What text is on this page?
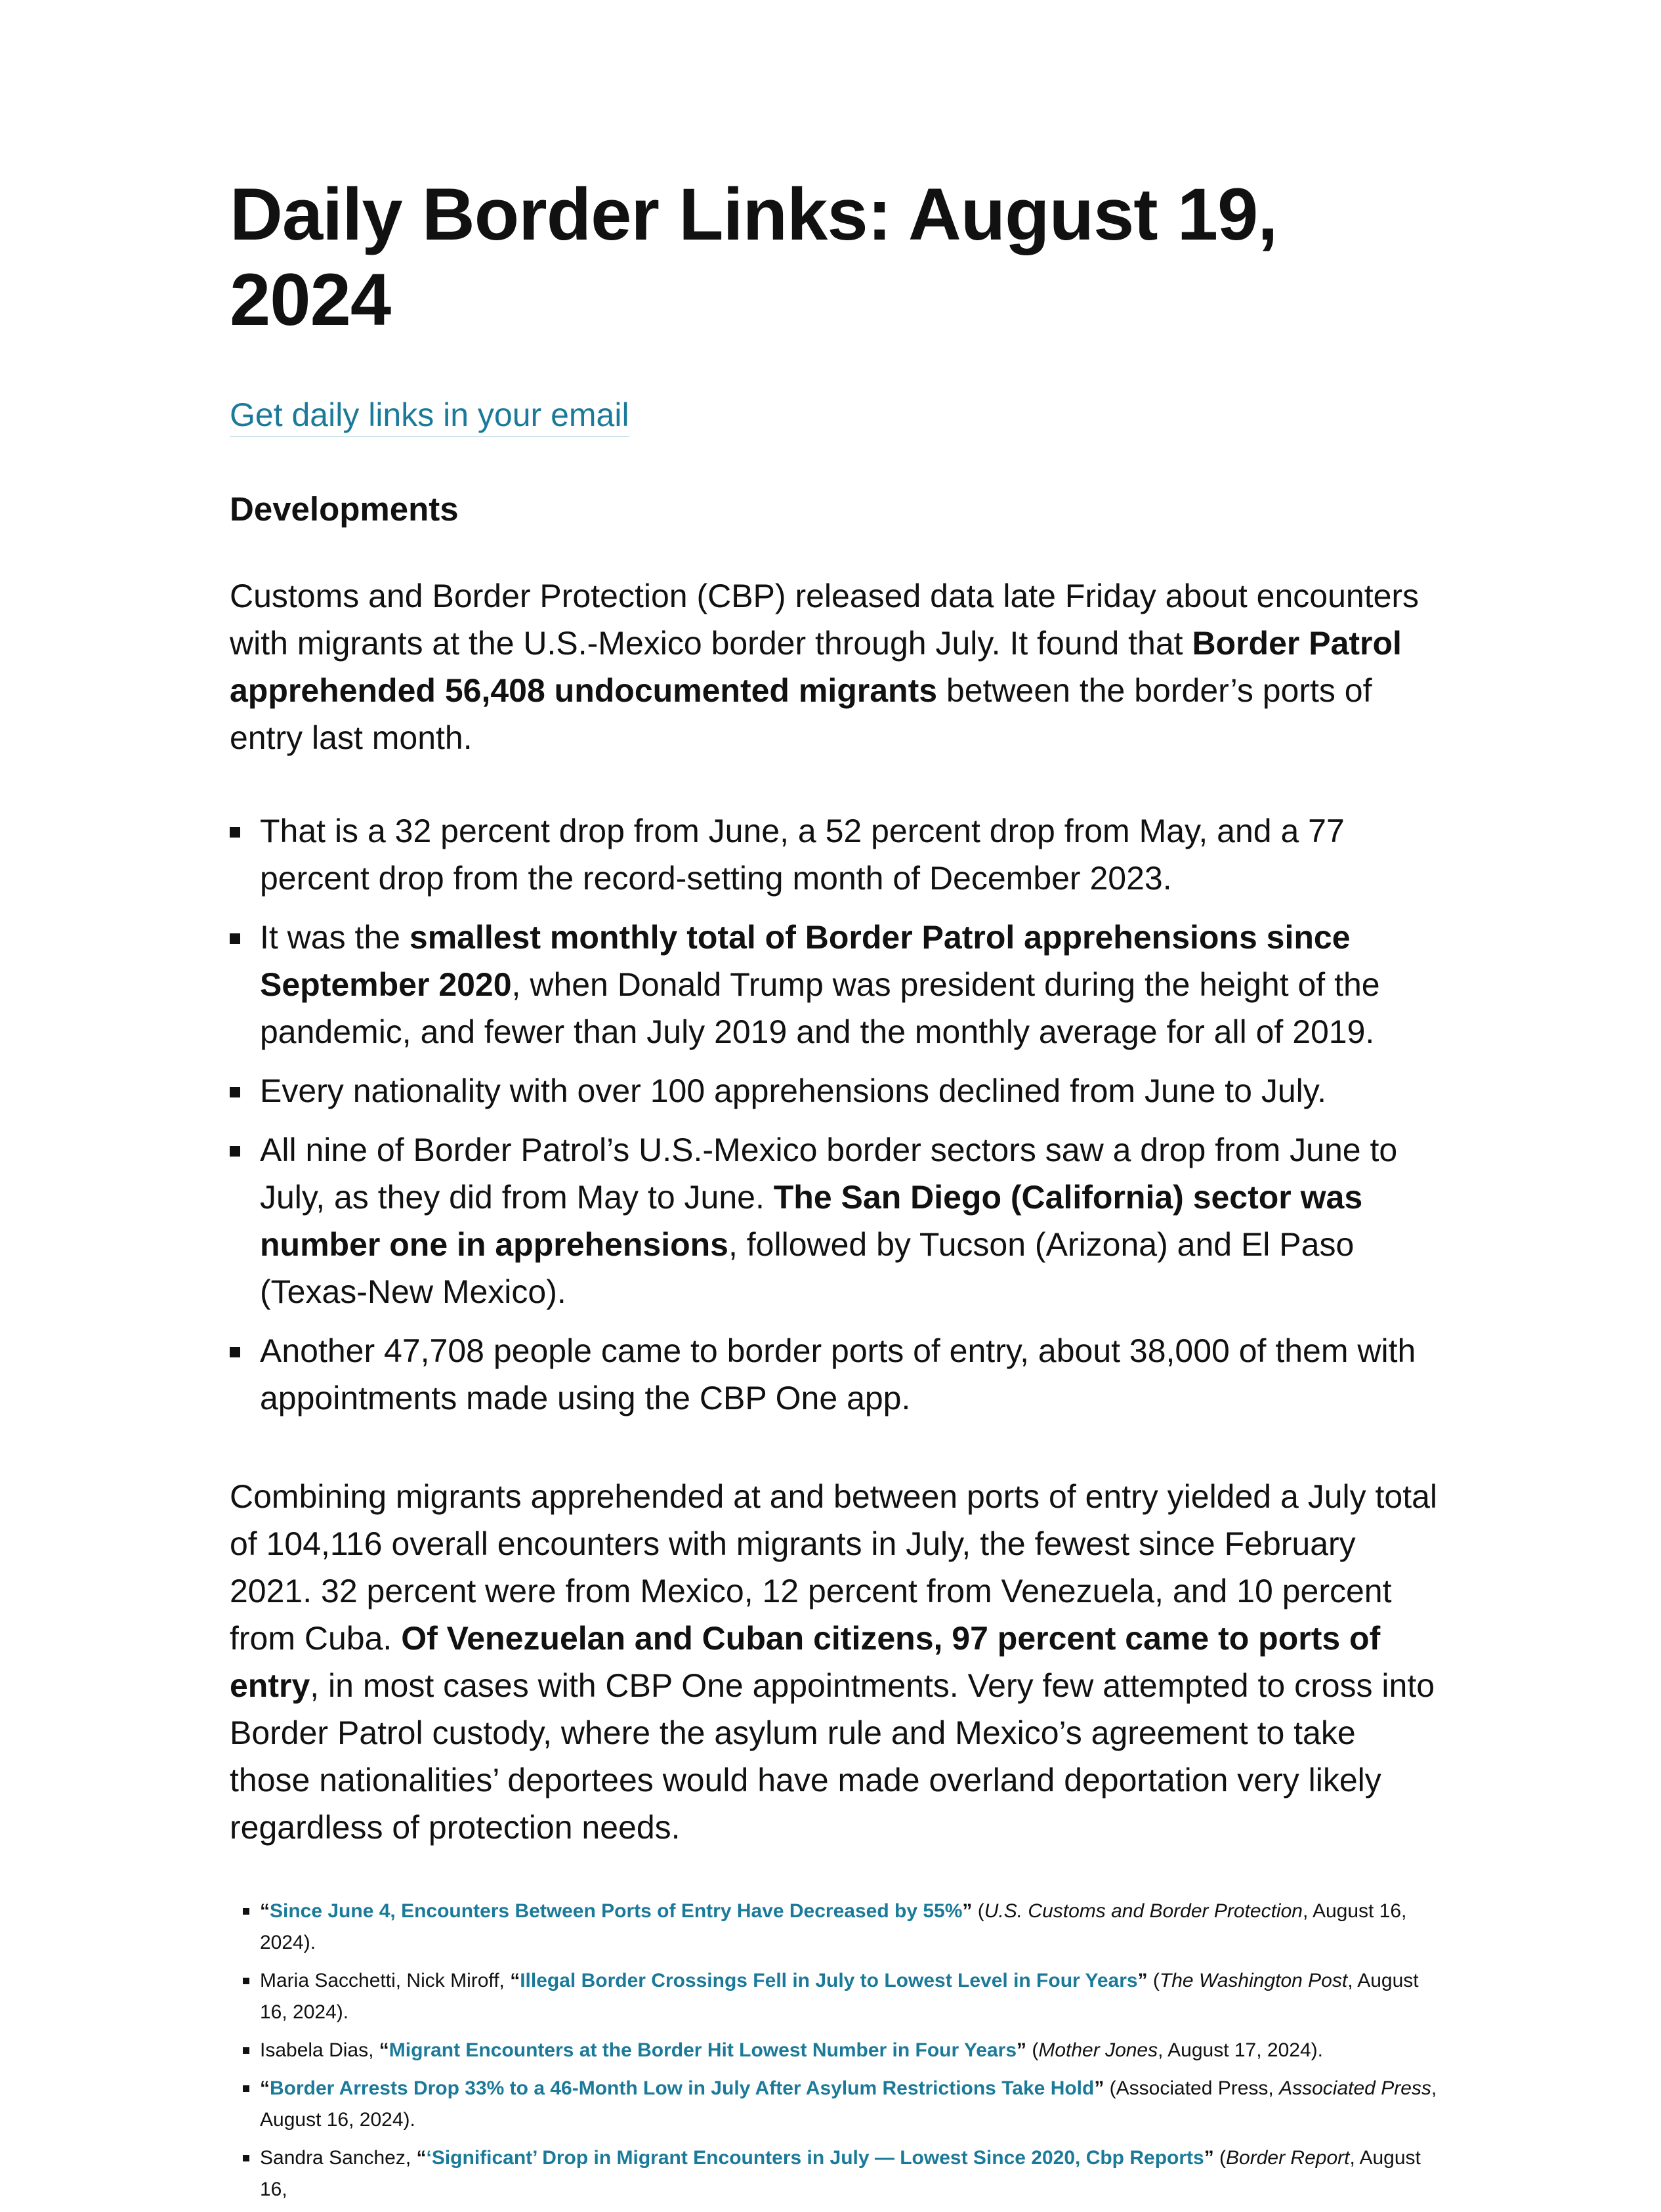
Daily Border Links: August 19, 2024
Get daily links in your email
Developments

Customs and Border Protection (CBP) released data late Friday about encounters with migrants at the U.S.-Mexico border through July. It found that Border Patrol apprehended 56,408 undocumented migrants between the border’s ports of entry last month.

That is a 32 percent drop from June, a 52 percent drop from May, and a 77 percent drop from the record-setting month of December 2023.
It was the smallest monthly total of Border Patrol apprehensions since September 2020, when Donald Trump was president during the height of the pandemic, and fewer than July 2019 and the monthly average for all of 2019.
Every nationality with over 100 apprehensions declined from June to July.
All nine of Border Patrol’s U.S.-Mexico border sectors saw a drop from June to July, as they did from May to June. The San Diego (California) sector was number one in apprehensions, followed by Tucson (Arizona) and El Paso (Texas-New Mexico).
Another 47,708 people came to border ports of entry, about 38,000 of them with appointments made using the CBP One app.

Combining migrants apprehended at and between ports of entry yielded a July total of 104,116 overall encounters with migrants in July, the fewest since February 2021. 32 percent were from Mexico, 12 percent from Venezuela, and 10 percent from Cuba. Of Venezuelan and Cuban citizens, 97 percent came to ports of entry, in most cases with CBP One appointments. Very few attempted to cross into Border Patrol custody, where the asylum rule and Mexico’s agreement to take those nationalities’ deportees would have made overland deportation very likely regardless of protection needs.

“Since June 4, Encounters Between Ports of Entry Have Decreased by 55%” (U.S. Customs and Border Protection, August 16, 2024).
Maria Sacchetti, Nick Miroff, “Illegal Border Crossings Fell in July to Lowest Level in Four Years” (The Washington Post, August 16, 2024).
Isabela Dias, “Migrant Encounters at the Border Hit Lowest Number in Four Years” (Mother Jones, August 17, 2024).
“Border Arrests Drop 33% to a 46-Month Low in July After Asylum Restrictions Take Hold” (Associated Press, Associated Press, August 16, 2024).
Sandra Sanchez, “‘Significant’ Drop in Migrant Encounters in July — Lowest Since 2020, Cbp Reports” (Border Report, August 16,
